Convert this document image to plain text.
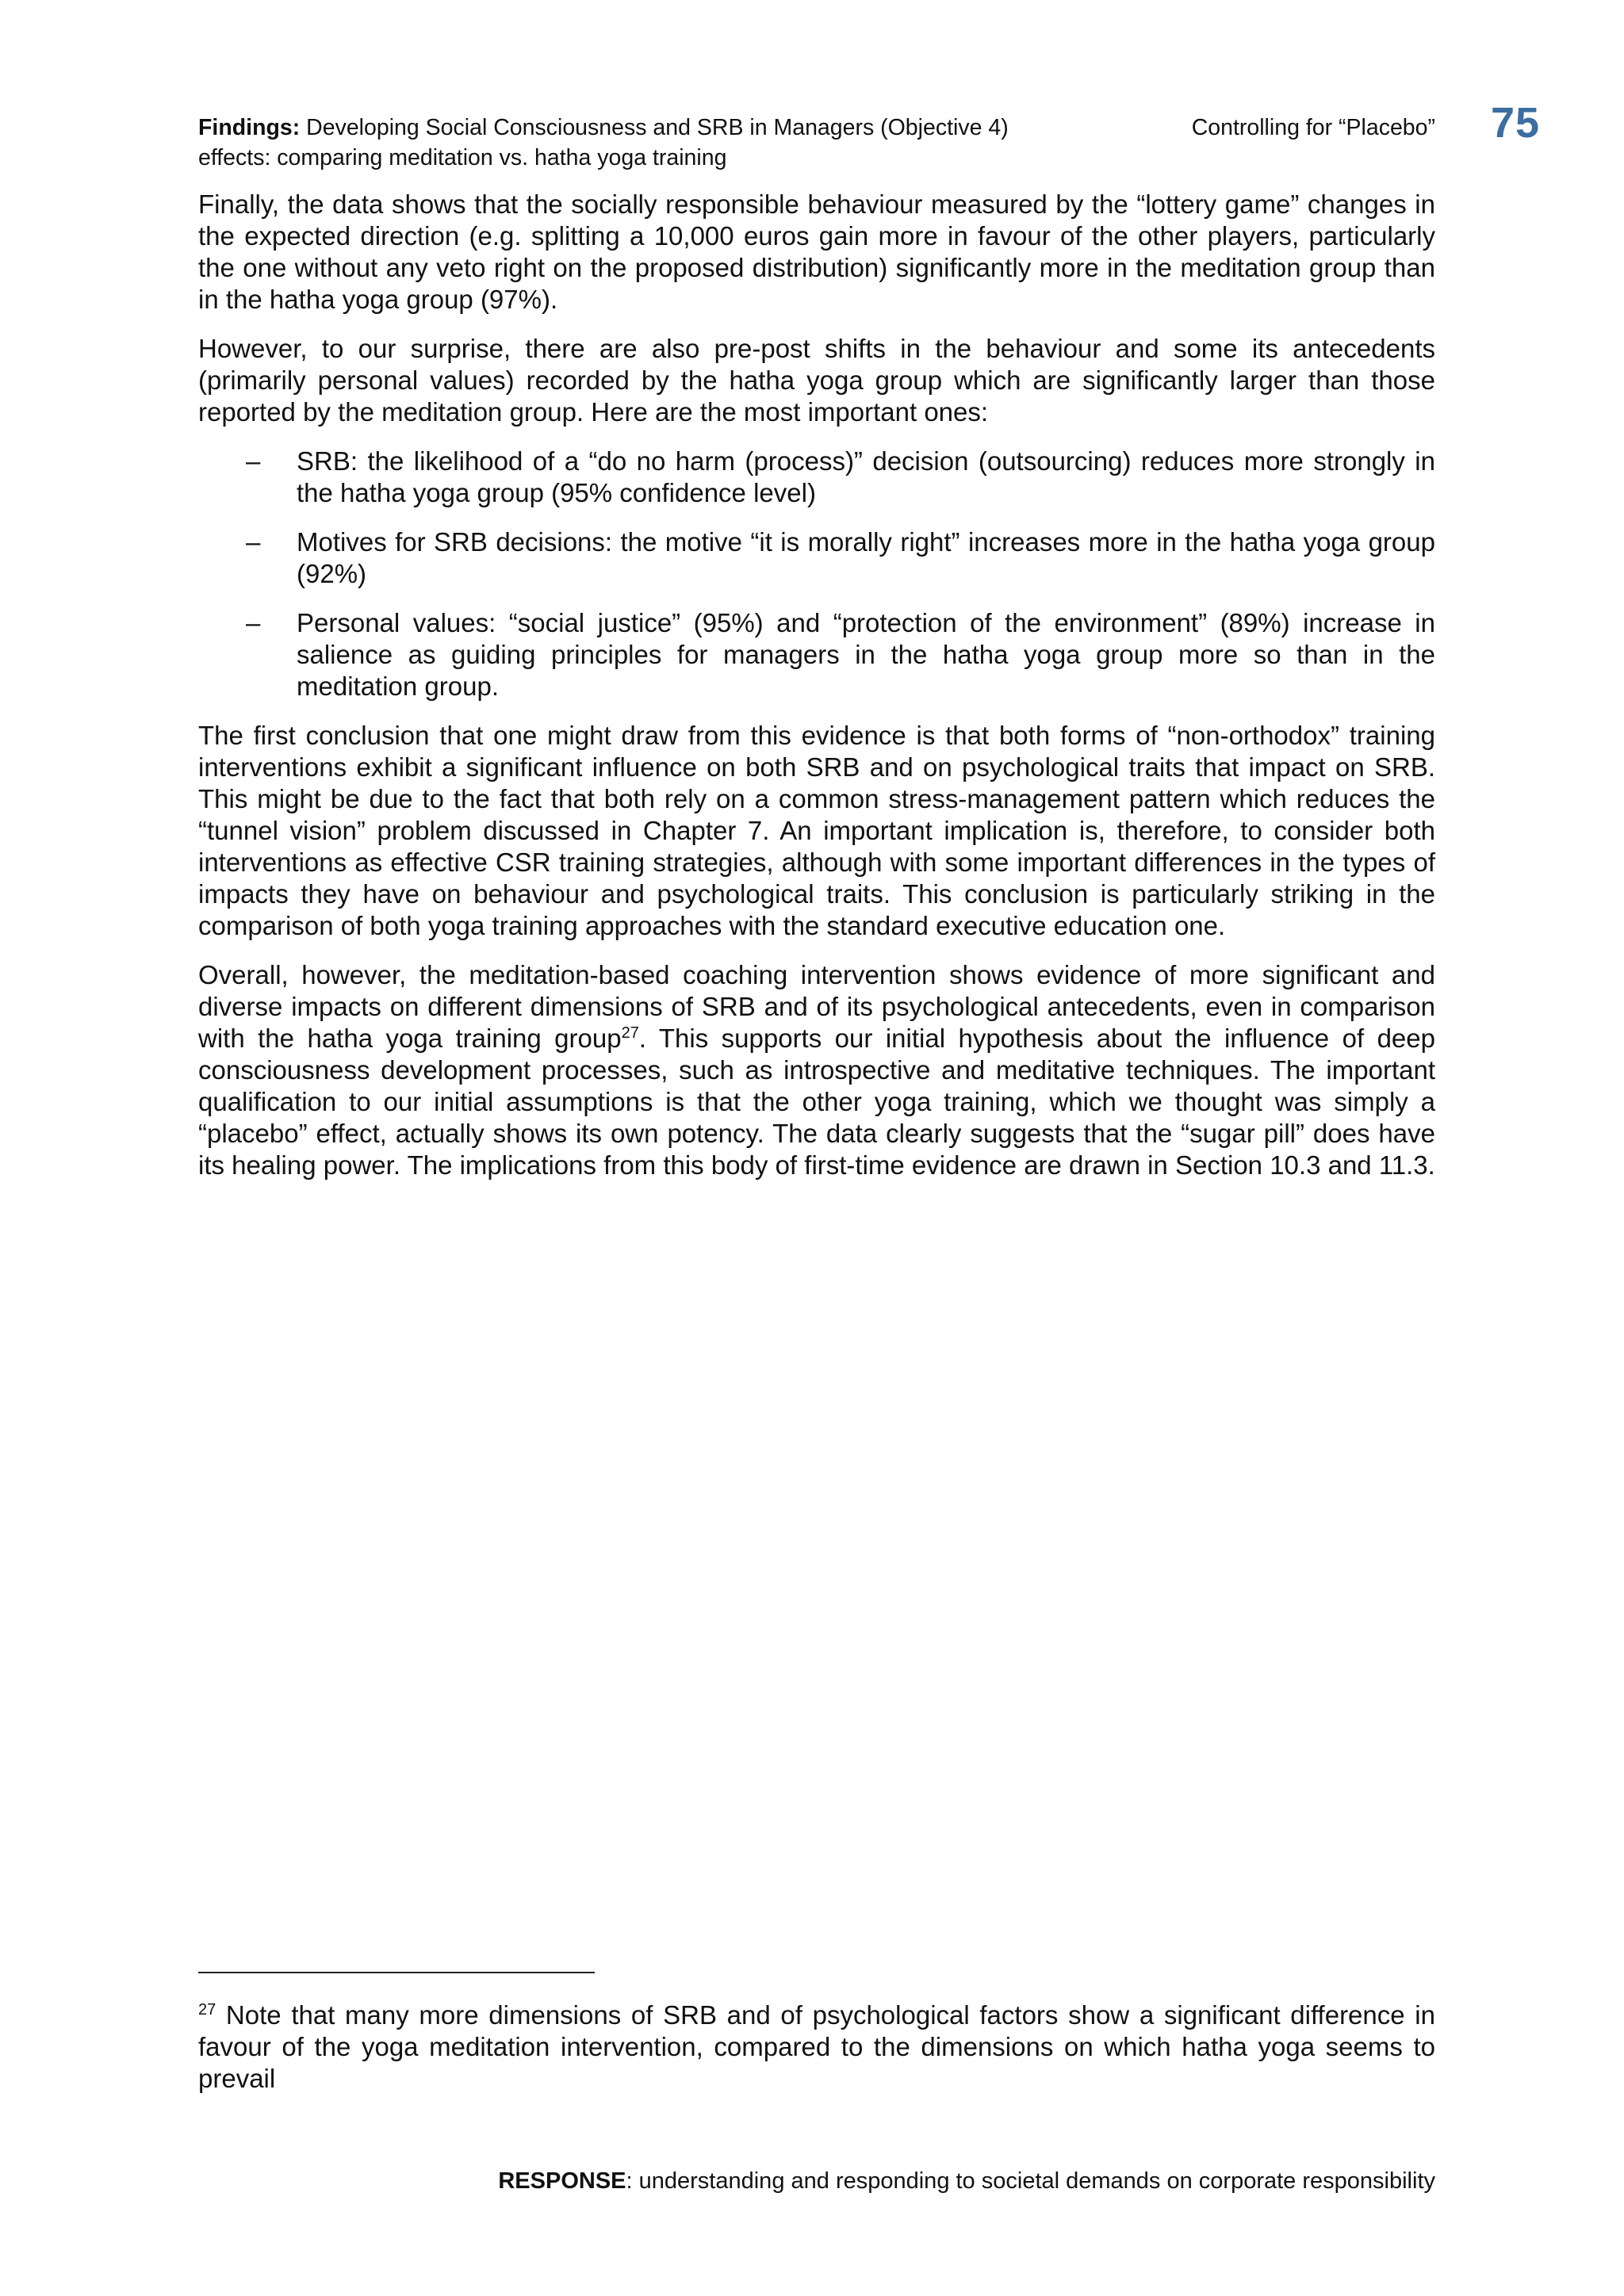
Findings: Developing Social Consciousness and SRB in Managers (Objective 4)	Controlling for “Placebo”
effects: comparing meditation vs. hatha yoga training
75

Finally, the data shows that the socially responsible behaviour measured by the “lottery game” changes in the expected direction (e.g. splitting a 10,000 euros gain more in favour of the other players, particularly the one without any veto right on the proposed distribution) significantly more in the meditation group than in the hatha yoga group (97%).

However, to our surprise, there are also pre-post shifts in the behaviour and some its antecedents (primarily personal values) recorded by the hatha yoga group which are significantly larger than those reported by the meditation group. Here are the most important ones:

– SRB: the likelihood of a “do no harm (process)” decision (outsourcing) reduces more strongly in the hatha yoga group (95% confidence level)
– Motives for SRB decisions: the motive “it is morally right” increases more in the hatha yoga group (92%)
– Personal values: “social justice” (95%) and “protection of the environment” (89%) increase in salience as guiding principles for managers in the hatha yoga group more so than in the meditation group.

The first conclusion that one might draw from this evidence is that both forms of “non-orthodox” training interventions exhibit a significant influence on both SRB and on psychological traits that impact on SRB. This might be due to the fact that both rely on a common stress-management pattern which reduces the “tunnel vision” problem discussed in Chapter 7. An important implication is, therefore, to consider both interventions as effective CSR training strategies, although with some important differences in the types of impacts they have on behaviour and psychological traits. This conclusion is particularly striking in the comparison of both yoga training approaches with the standard executive education one.

Overall, however, the meditation-based coaching intervention shows evidence of more significant and diverse impacts on different dimensions of SRB and of its psychological antecedents, even in comparison with the hatha yoga training group$^{27}$. This supports our initial hypothesis about the influence of deep consciousness development processes, such as introspective and meditative techniques. The important qualification to our initial assumptions is that the other yoga training, which we thought was simply a “placebo” effect, actually shows its own potency. The data clearly suggests that the “sugar pill” does have its healing power. The implications from this body of first-time evidence are drawn in Section 10.3 and 11.3.

$^{27}$ Note that many more dimensions of SRB and of psychological factors show a significant difference in favour of the yoga meditation intervention, compared to the dimensions on which hatha yoga seems to prevail
RESPONSE: understanding and responding to societal demands on corporate responsibility
